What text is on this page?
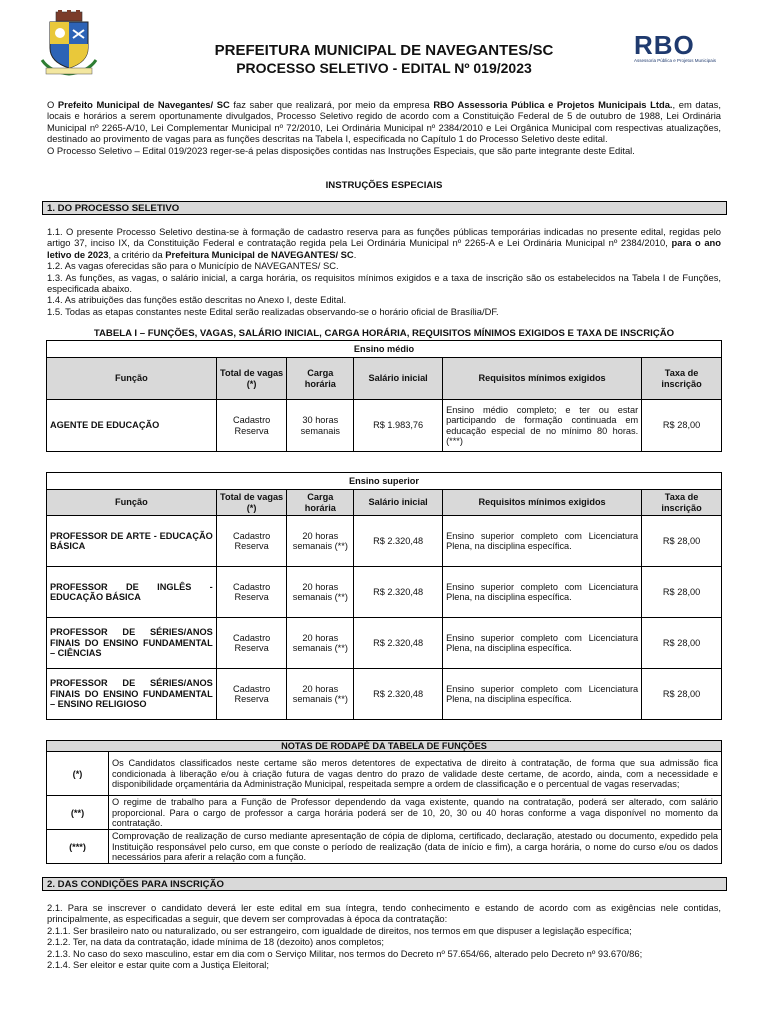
RBO
Assessoria Pública e Projetos Municipais
PREFEITURA MUNICIPAL DE NAVEGANTES/SC
PROCESSO SELETIVO - EDITAL Nº 019/2023

O Prefeito Municipal de Navegantes/ SC faz saber que realizará, por meio da empresa RBO Assessoria Pública e Projetos Municipais Ltda., em datas, locais e horários a serem oportunamente divulgados, Processo Seletivo regido de acordo com a Constituição Federal de 5 de outubro de 1988, Lei Ordinária Municipal nº 2265-A/10, Lei Complementar Municipal nº 72/2010, Lei Ordinária Municipal nº 2384/2010 e Lei Orgânica Municipal com respectivas atualizações, destinado ao provimento de vagas para as funções descritas na Tabela I, especificada no Capítulo 1 do Processo Seletivo deste edital.

O Processo Seletivo – Edital 019/2023 reger-se-á pelas disposições contidas nas Instruções Especiais, que são parte integrante deste Edital.

INSTRUÇÕES ESPECIAIS
1. DO PROCESSO SELETIVO

1.1. O presente Processo Seletivo destina-se à formação de cadastro reserva para as funções públicas temporárias indicadas no presente edital, regidas pelo artigo 37, inciso IX, da Constituição Federal e contratação regida pela Lei Ordinária Municipal nº 2265-A e Lei Ordinária Municipal nº 2384/2010, para o ano letivo de 2023, a critério da Prefeitura Municipal de NAVEGANTES/ SC.

1.2. As vagas oferecidas são para o Município de NAVEGANTES/ SC.

1.3. As funções, as vagas, o salário inicial, a carga horária, os requisitos mínimos exigidos e a taxa de inscrição são os estabelecidos na Tabela I de Funções, especificada abaixo.

1.4. As atribuições das funções estão descritas no Anexo I, deste Edital.

1.5. Todas as etapas constantes neste Edital serão realizadas observando-se o horário oficial de Brasília/DF.

TABELA I – FUNÇÕES, VAGAS, SALÁRIO INICIAL, CARGA HORÁRIA, REQUISITOS MÍNIMOS EXIGIDOS E TAXA DE INSCRIÇÃO
Ensino médio					
Função	Total de vagas (*)	Carga horária	Salário inicial	Requisitos mínimos exigidos	Taxa de inscrição
AGENTE DE EDUCAÇÃO	Cadastro Reserva	30 horas semanais	R$ 1.983,76	Ensino médio completo; e ter ou estar participando de formação continuada em educação especial de no mínimo 80 horas. (***)	R$ 28,00
Ensino superior					
Função	Total de vagas (*)	Carga horária	Salário inicial	Requisitos mínimos exigidos	Taxa de inscrição
PROFESSOR DE ARTE - EDUCAÇÃO BÁSICA	Cadastro Reserva	20 horas semanais (**)	R$ 2.320,48	Ensino superior completo com Licenciatura Plena, na disciplina específica.	R$ 28,00
PROFESSOR DE INGLÊS - EDUCAÇÃO BÁSICA	Cadastro Reserva	20 horas semanais (**)	R$ 2.320,48	Ensino superior completo com Licenciatura Plena, na disciplina específica.	R$ 28,00
PROFESSOR DE SÉRIES/ANOS FINAIS DO ENSINO FUNDAMENTAL – CIÊNCIAS	Cadastro Reserva	20 horas semanais (**)	R$ 2.320,48	Ensino superior completo com Licenciatura Plena, na disciplina específica.	R$ 28,00
PROFESSOR DE SÉRIES/ANOS FINAIS DO ENSINO FUNDAMENTAL – ENSINO RELIGIOSO	Cadastro Reserva	20 horas semanais (**)	R$ 2.320,48	Ensino superior completo com Licenciatura Plena, na disciplina específica.	R$ 28,00
NOTAS DE RODAPÉ DA TABELA DE FUNÇÕES	
(*)	Os Candidatos classificados neste certame são meros detentores de expectativa de direito à contratação, de forma que sua admissão fica condicionada à liberação e/ou à criação futura de vagas dentro do prazo de validade deste certame, de acordo, ainda, com a necessidade e disponibilidade orçamentária da Administração Municipal, respeitada sempre a ordem de classificação e o percentual de vagas reservadas;
(**)	O regime de trabalho para a Função de Professor dependendo da vaga existente, quando na contratação, poderá ser alterado, com salário proporcional. Para o cargo de professor a carga horária poderá ser de 10, 20, 30 ou 40 horas conforme a vaga disponível no momento da contratação.
(***)	Comprovação de realização de curso mediante apresentação de cópia de diploma, certificado, declaração, atestado ou documento, expedido pela Instituição responsável pelo curso, em que conste o período de realização (data de início e fim), a carga horária, o nome do curso e/ou os dados necessários para aferir a relação com a função.
2. DAS CONDIÇÕES PARA INSCRIÇÃO

2.1. Para se inscrever o candidato deverá ler este edital em sua íntegra, tendo conhecimento e estando de acordo com as exigências nele contidas, principalmente, as especificadas a seguir, que devem ser comprovadas à época da contratação:

2.1.1. Ser brasileiro nato ou naturalizado, ou ser estrangeiro, com igualdade de direitos, nos termos em que dispuser a legislação específica;

2.1.2. Ter, na data da contratação, idade mínima de 18 (dezoito) anos completos;

2.1.3. No caso do sexo masculino, estar em dia com o Serviço Militar, nos termos do Decreto nº 57.654/66, alterado pelo Decreto nº 93.670/86;

2.1.4. Ser eleitor e estar quite com a Justiça Eleitoral;
